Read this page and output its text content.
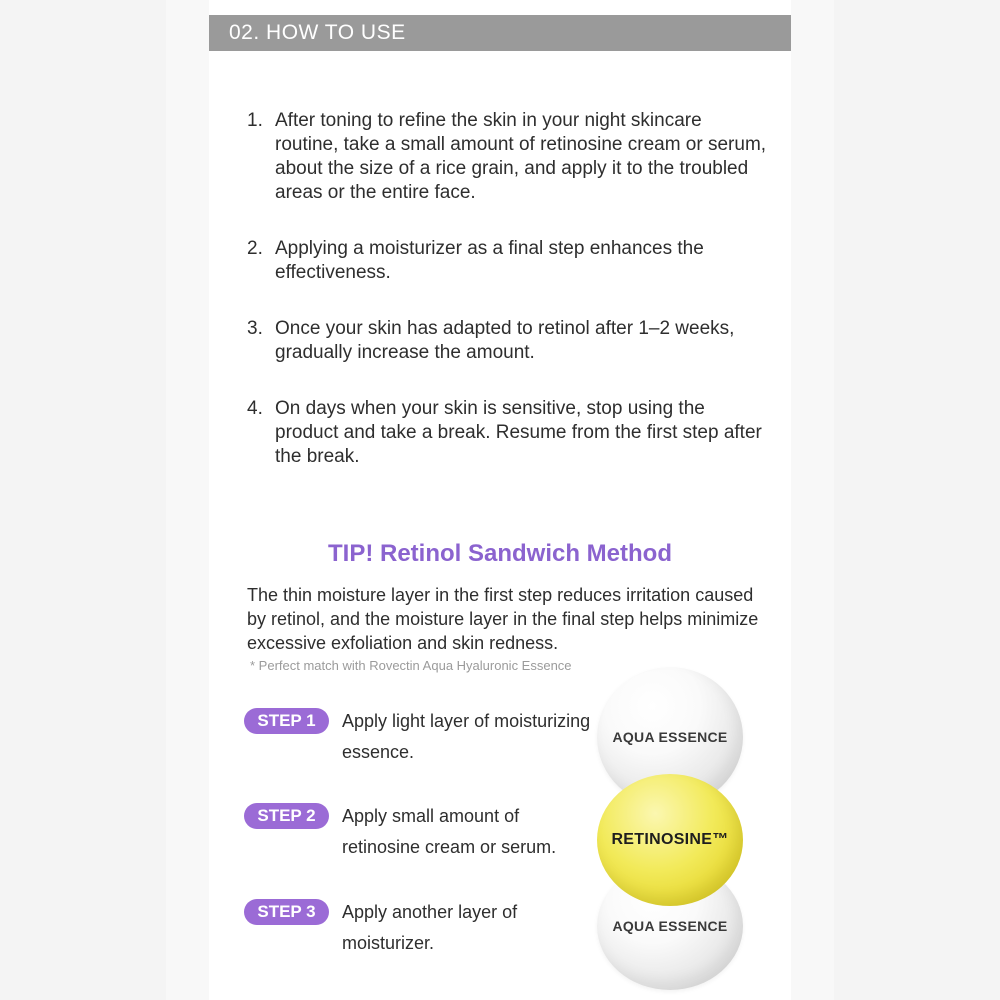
02. HOW TO USE
1. After toning to refine the skin in your night skincare routine, take a small amount of retinosine cream or serum, about the size of a rice grain, and apply it to the troubled areas or the entire face.
2. Applying a moisturizer as a final step enhances the effectiveness.
3. Once your skin has adapted to retinol after 1–2 weeks, gradually increase the amount.
4. On days when your skin is sensitive, stop using the product and take a break. Resume from the first step after the break.
TIP! Retinol Sandwich Method
The thin moisture layer in the first step reduces irritation caused by retinol, and the moisture layer in the final step helps minimize excessive exfoliation and skin redness.
* Perfect match with Rovectin Aqua Hyaluronic Essence
STEP 1	Apply light layer of moisturizing essence.
STEP 2	Apply small amount of retinosine cream or serum.
STEP 3	Apply another layer of moisturizer.
AQUA ESSENCE
AQUA ESSENCE
RETINOSINE™
